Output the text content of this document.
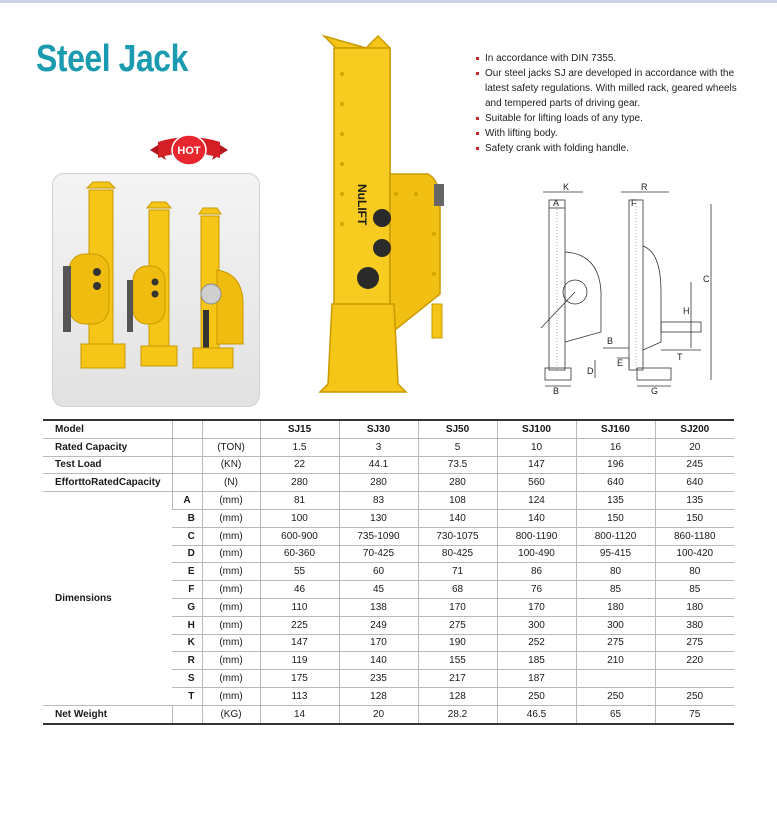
Steel Jack
HOT
NuLIFT
In accordance with DIN 7355.
Our steel jacks SJ are developed in accordance with the latest safety regulations. With milled rack, geared wheels and tempered parts of driving gear.
Suitable for lifting loads of any type.
With lifting body.
Safety crank with folding handle.
K
A
R
F
C
H
B
D
G
E
T
B
Model			SJ15	SJ30	SJ50	SJ100	SJ160	SJ200
Rated Capacity		(TON)	1.5	3	5	10	16	20
Test Load		(KN)	22	44.1	73.5	147	196	245
EfforttoRatedCapacity		(N)	280	280	280	560	640	640
Dimensions	A	(mm)	81	83	108	124	135	135
	B	(mm)	100	130	140	140	150	150
	C	(mm)	600-900	735-1090	730-1075	800-1190	800-1120	860-1180
	D	(mm)	60-360	70-425	80-425	100-490	95-415	100-420
	E	(mm)	55	60	71	86	80	80
	F	(mm)	46	45	68	76	85	85
	G	(mm)	110	138	170	170	180	180
	H	(mm)	225	249	275	300	300	380
	K	(mm)	147	170	190	252	275	275
	R	(mm)	119	140	155	185	210	220
	S	(mm)	175	235	217	187		
	T	(mm)	113	128	128	250	250	250
Net Weight		(KG)	14	20	28.2	46.5	65	75
